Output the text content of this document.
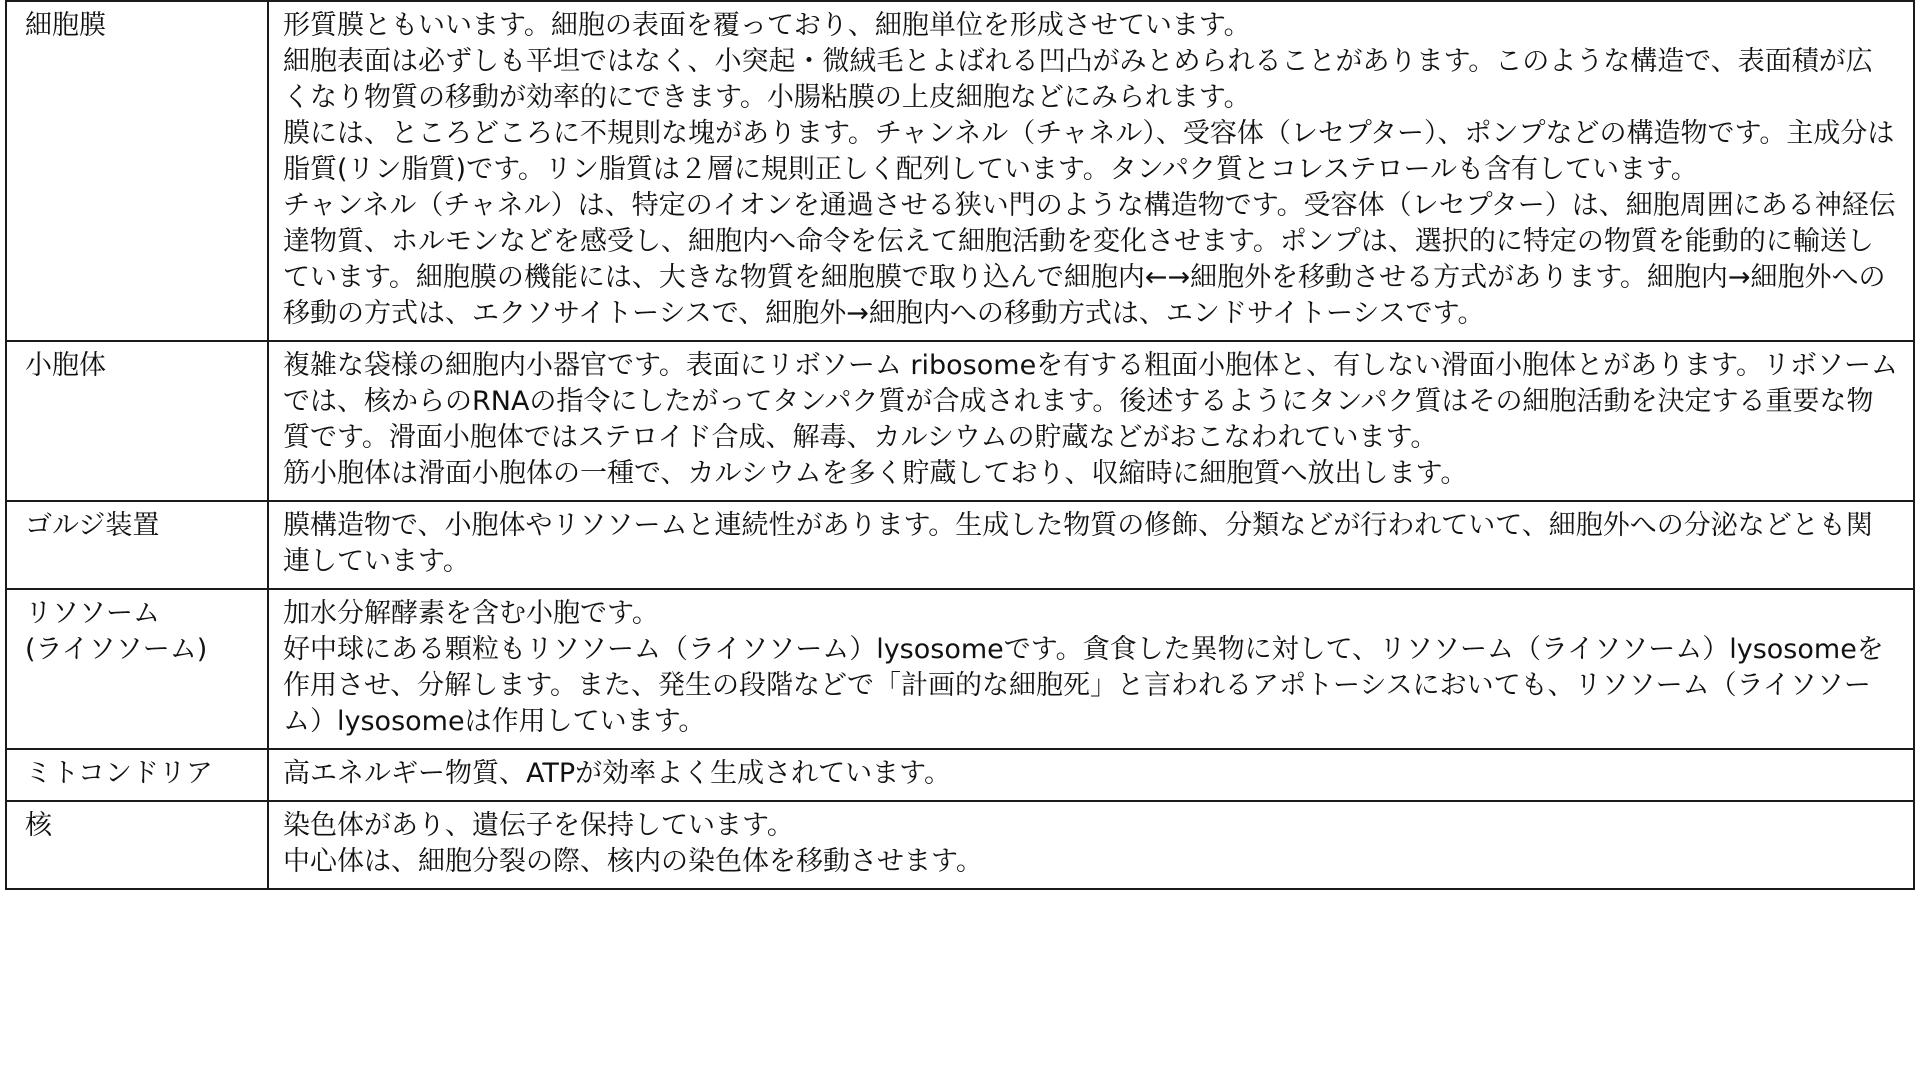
細胞膜	形質膜ともいいます。細胞の表面を覆っており、細胞単位を形成させています。
細胞表面は必ずしも平坦ではなく、小突起・微絨毛とよばれる凹凸がみとめられることがあります。このような構造で、表面積が広くなり物質の移動が効率的にできます。小腸粘膜の上皮細胞などにみられます。
膜には、ところどころに不規則な塊があります。チャンネル（チャネル）、受容体（レセプター）、ポンプなどの構造物です。主成分は脂質(リン脂質)です。リン脂質は２層に規則正しく配列しています。タンパク質とコレステロールも含有しています。
チャンネル（チャネル）は、特定のイオンを通過させる狭い門のような構造物です。受容体（レセプター）は、細胞周囲にある神経伝達物質、ホルモンなどを感受し、細胞内へ命令を伝えて細胞活動を変化させます。ポンプは、選択的に特定の物質を能動的に輸送しています。細胞膜の機能には、大きな物質を細胞膜で取り込んで細胞内←→細胞外を移動させる方式があります。細胞内→細胞外への移動の方式は、エクソサイトーシスで、細胞外→細胞内への移動方式は、エンドサイトーシスです。

小胞体	複雑な袋様の細胞内小器官です。表面にリボソーム ribosomeを有する粗面小胞体と、有しない滑面小胞体とがあります。リボソームでは、核からのRNAの指令にしたがってタンパク質が合成されます。後述するようにタンパク質はその細胞活動を決定する重要な物質です。滑面小胞体ではステロイド合成、解毒、カルシウムの貯蔵などがおこなわれています。
筋小胞体は滑面小胞体の一種で、カルシウムを多く貯蔵しており、収縮時に細胞質へ放出します。

ゴルジ装置	膜構造物で、小胞体やリソソームと連続性があります。生成した物質の修飾、分類などが行われていて、細胞外への分泌などとも関連しています。

リソソーム
(ライソソーム)	加水分解酵素を含む小胞です。
好中球にある顆粒もリソソーム（ライソソーム）lysosomeです。貪食した異物に対して、リソソーム（ライソソーム）lysosomeを作用させ、分解します。また、発生の段階などで「計画的な細胞死」と言われるアポトーシスにおいても、リソソーム（ライソソーム）lysosomeは作用しています。

ミトコンドリア	高エネルギー物質、ATPが効率よく生成されています。

核	染色体があり、遺伝子を保持しています。
中心体は、細胞分裂の際、核内の染色体を移動させます。
